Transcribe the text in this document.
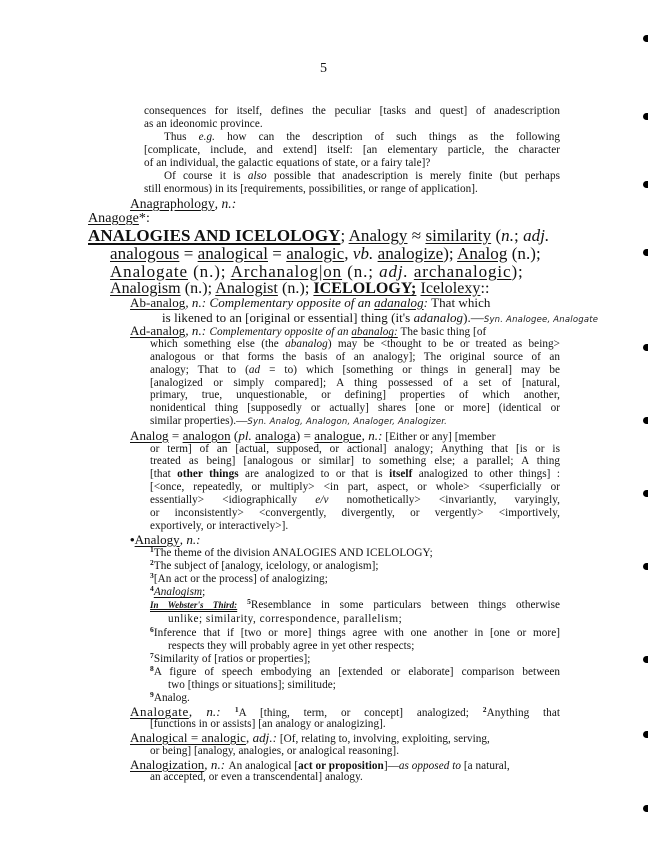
5
consequences for itself, defines the peculiar [tasks and quest] of anadescription
as an ideonomic province.
Thus e.g. how can the description of such things as the following
[complicate, include, and extend] itself: [an elementary particle, the character
of an individual, the galactic equations of state, or a fairy tale]?
Of course it is also possible that anadescription is merely finite (but perhaps
still enormous) in its [requirements, possibilities, or range of application].
Anagraphology, n.:
Anagoge*:
ANALOGIES AND ICELOLOGY; Analogy ≈ similarity (n.; adj.
analogous = analogical = analogic, vb. analogize); Analog (n.);
Analogate (n.); Archanalog|on (n.; adj. archanalogic);
Analogism (n.); Analogist (n.); ICELOLOGY; Icelolexy::
Ab-analog, n.: Complementary opposite of an adanalog: That which
is likened to an [original or essential] thing (it's adanalog).—Syn. Analogee, Analogate
Ad-analog, n.: Complementary opposite of an abanalog: The basic thing [of
which something else (the abanalog) may be <thought to be or treated as being>
analogous or that forms the basis of an analogy]; The original source of an
analogy; That to (ad = to) which [something or things in general] may be
[analogized or simply compared]; A thing possessed of a set of [natural,
primary, true, unquestionable, or defining] properties of which another,
nonidentical thing [supposedly or actually] shares [one or more] (identical or
similar properties).—Syn. Analog, Analogon, Analoger, Analogizer.
Analog = analogon (pl. analoga) = analogue, n.: [Either or any] [member
or term] of an [actual, supposed, or actional] analogy; Anything that [is or is
treated as being] [analogous or similar] to something else; a parallel; A thing
[that other things are analogized to or that is itself analogized to other things] :
[<once, repeatedly, or multiply> <in part, aspect, or whole> <superficially or
essentially> <idiographically e/v nomothetically> <invariantly, varyingly,
or inconsistently> <convergently, divergently, or vergently> <importively,
exportively, or interactively>].
•Analogy, n.:
$^1$The theme of the division ANALOGIES AND ICELOLOGY;
$^2$The subject of [analogy, icelology, or analogism];
$^3$[An act or the process] of analogizing;
$^4$Analogism;
In Webster's Third: $^5$Resemblance in some particulars between things otherwise
unlike; similarity, correspondence, parallelism;
$^6$Inference that if [two or more] things agree with one another in [one or more]
respects they will probably agree in yet other respects;
$^7$Similarity of [ratios or properties];
$^8$A figure of speech embodying an [extended or elaborate] comparison between
two [things or situations]; similitude;
$^9$Analog.
Analogate, n.: $^1$A [thing, term, or concept] analogized; $^2$Anything that
[functions in or assists] [an analogy or analogizing].
Analogical = analogic, adj.: [Of, relating to, involving, exploiting, serving,
or being] [analogy, analogies, or analogical reasoning].
Analogization, n.: An analogical [act or proposition]—as opposed to [a natural,
an accepted, or even a transcendental] analogy.
